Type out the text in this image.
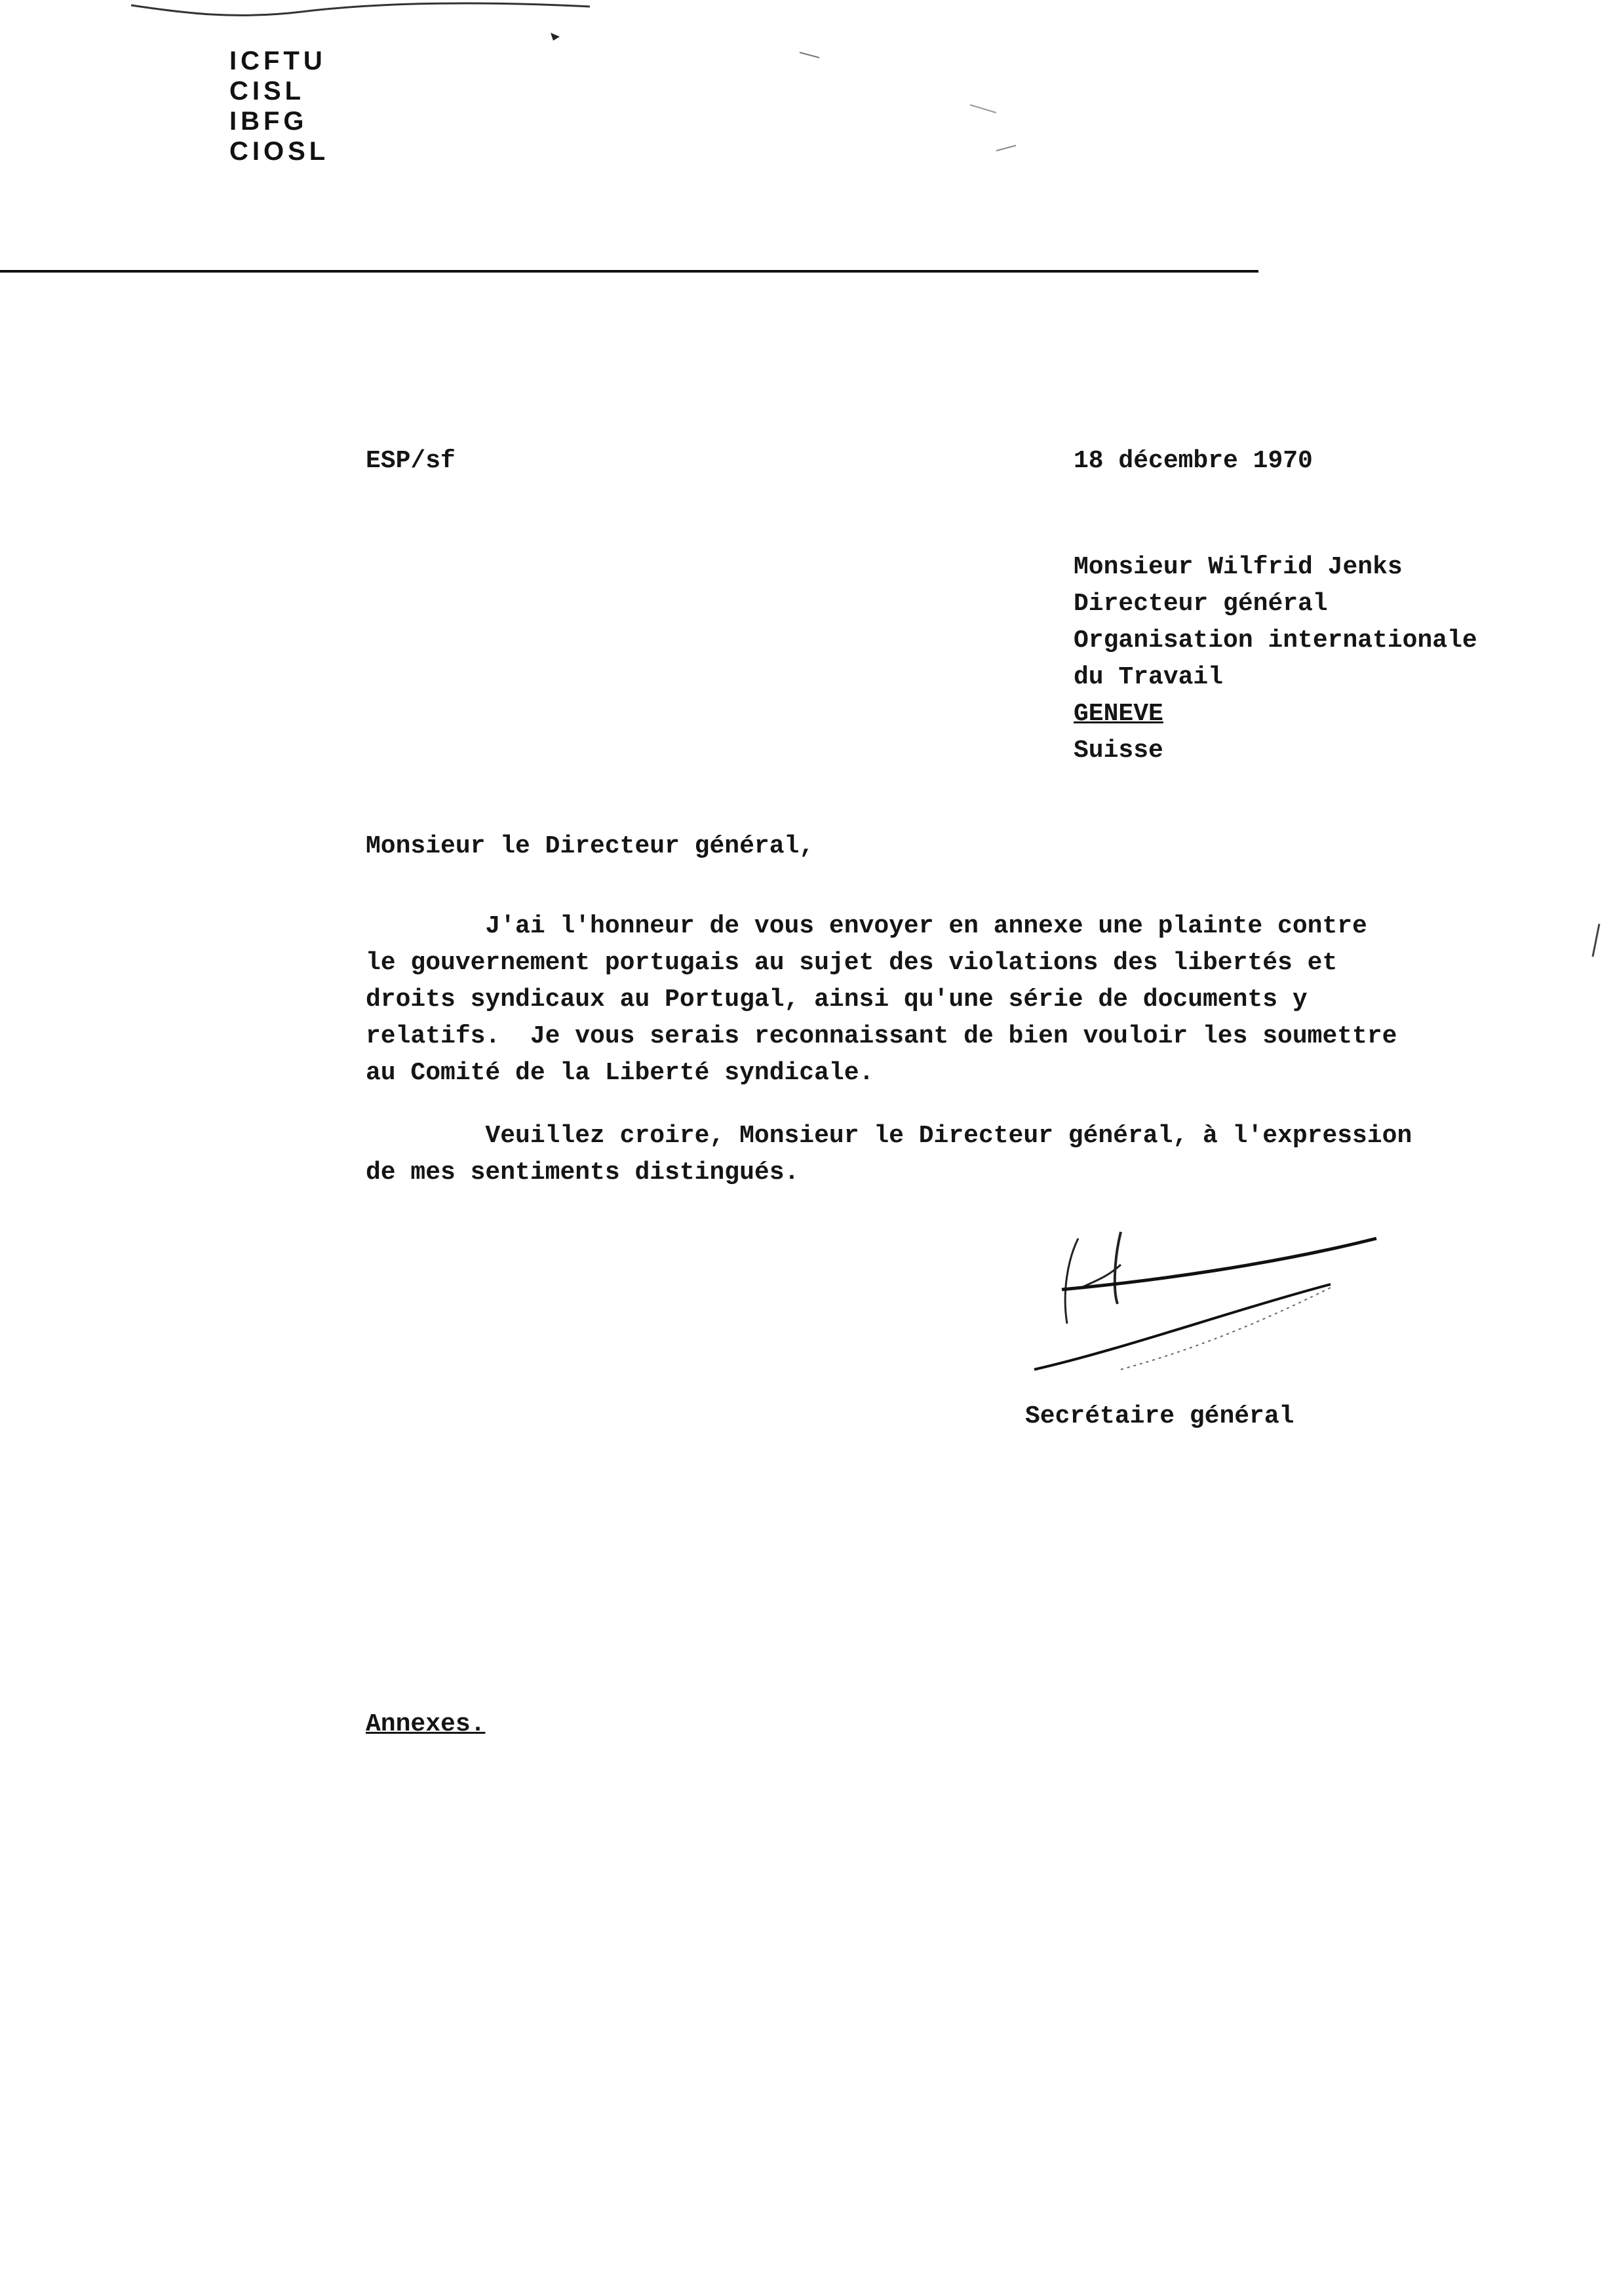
ICFTU
CISL
IBFG
CIOSL
ESP/sf	18 décembre 1970
Monsieur Wilfrid Jenks
Directeur général
Organisation internationale
du Travail
GENEVE
Suisse
Monsieur le Directeur général,
J'ai l'honneur de vous envoyer en annexe une plainte contre
le gouvernement portugais au sujet des violations des libertés et
droits syndicaux au Portugal, ainsi qu'une série de documents y
relatifs.  Je vous serais reconnaissant de bien vouloir les soumettre
au Comité de la Liberté syndicale.
Veuillez croire, Monsieur le Directeur général, à l'expression
de mes sentiments distingués.
Secrétaire général
Annexes.
